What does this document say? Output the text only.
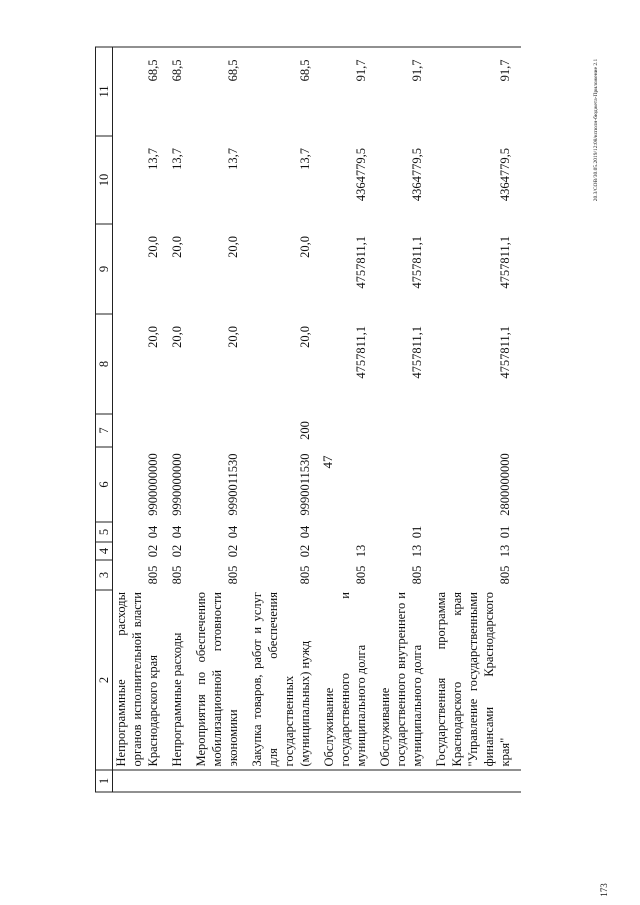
47
20.3/СОВ/30.05.2019/12:08/ксполн-бюджета-Приложение 2.1
173
1	2	3	4	5	6	7	8	9	10	11
	Непрограммные расходы органов исполнительной власти Краснодарского края	805	02	04	9900000000		20,0	20,0	13,7	68,5
	Непрограммные расходы	805	02	04	9990000000		20,0	20,0	13,7	68,5
	Мероприятия по обеспечению мобилизационной готовности экономики	805	02	04	9990011530		20,0	20,0	13,7	68,5
	Закупка товаров, работ и услуг для обеспечения государственных (муниципальных) нужд	805	02	04	9990011530	200	20,0	20,0	13,7	68,5
	Обслуживание государственного и муниципального долга	805	13				4757811,1	4757811,1	4364779,5	91,7
	Обслуживание государственного внутреннего и муниципального долга	805	13	01			4757811,1	4757811,1	4364779,5	91,7
	Государственная программа Краснодарского края "Управление государственными финансами Краснодарского края"	805	13	01	2800000000		4757811,1	4757811,1	4364779,5	91,7
